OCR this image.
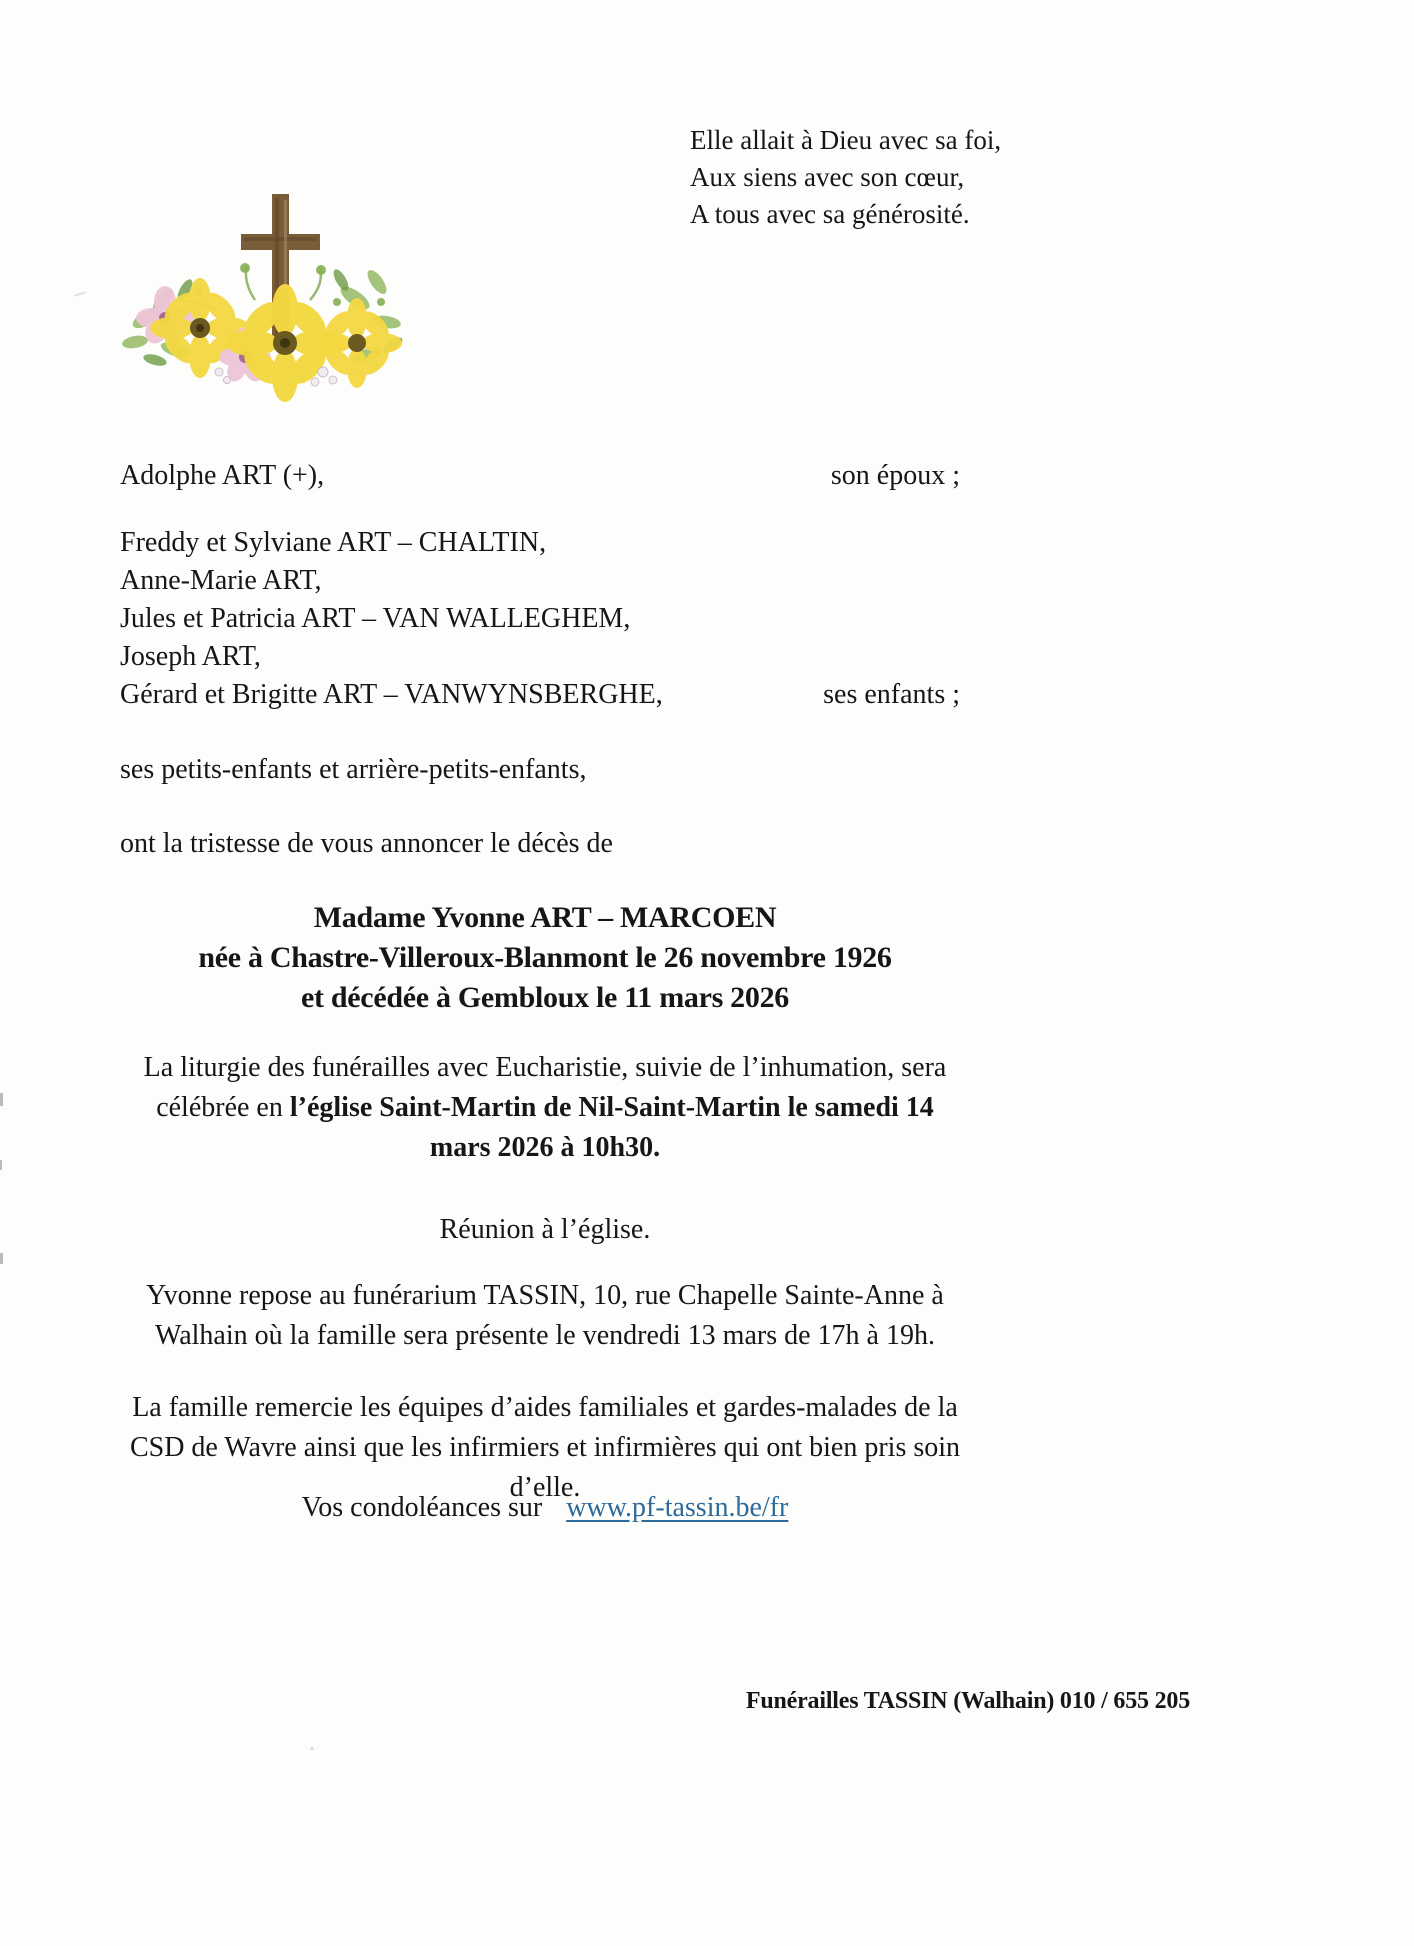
Elle allait à Dieu avec sa foi,
Aux siens avec son cœur,
A tous avec sa générosité.
Adolphe ART (+),	son époux ;
Freddy et Sylviane ART – CHALTIN,
Anne-Marie ART,
Jules et Patricia ART – VAN WALLEGHEM,
Joseph ART,
Gérard et Brigitte ART – VANWYNSBERGHE,	ses enfants ;
ses petits-enfants et arrière-petits-enfants,
ont la tristesse de vous annoncer le décès de
Madame Yvonne ART – MARCOEN
née à Chastre-Villeroux-Blanmont le 26 novembre 1926
et décédée à Gembloux le 11 mars 2026
La liturgie des funérailles avec Eucharistie, suivie de l’inhumation, sera célébrée en l’église Saint-Martin de Nil-Saint-Martin le samedi 14 mars 2026 à 10h30.
Réunion à l’église.
Yvonne repose au funérarium TASSIN, 10, rue Chapelle Sainte-Anne à Walhain où la famille sera présente le vendredi 13 mars de 17h à 19h.
La famille remercie les équipes d’aides familiales et gardes-malades de la CSD de Wavre ainsi que les infirmiers et infirmières qui ont bien pris soin d’elle.
Vos condoléances sur www.pf-tassin.be/fr
Funérailles TASSIN (Walhain) 010 / 655 205
